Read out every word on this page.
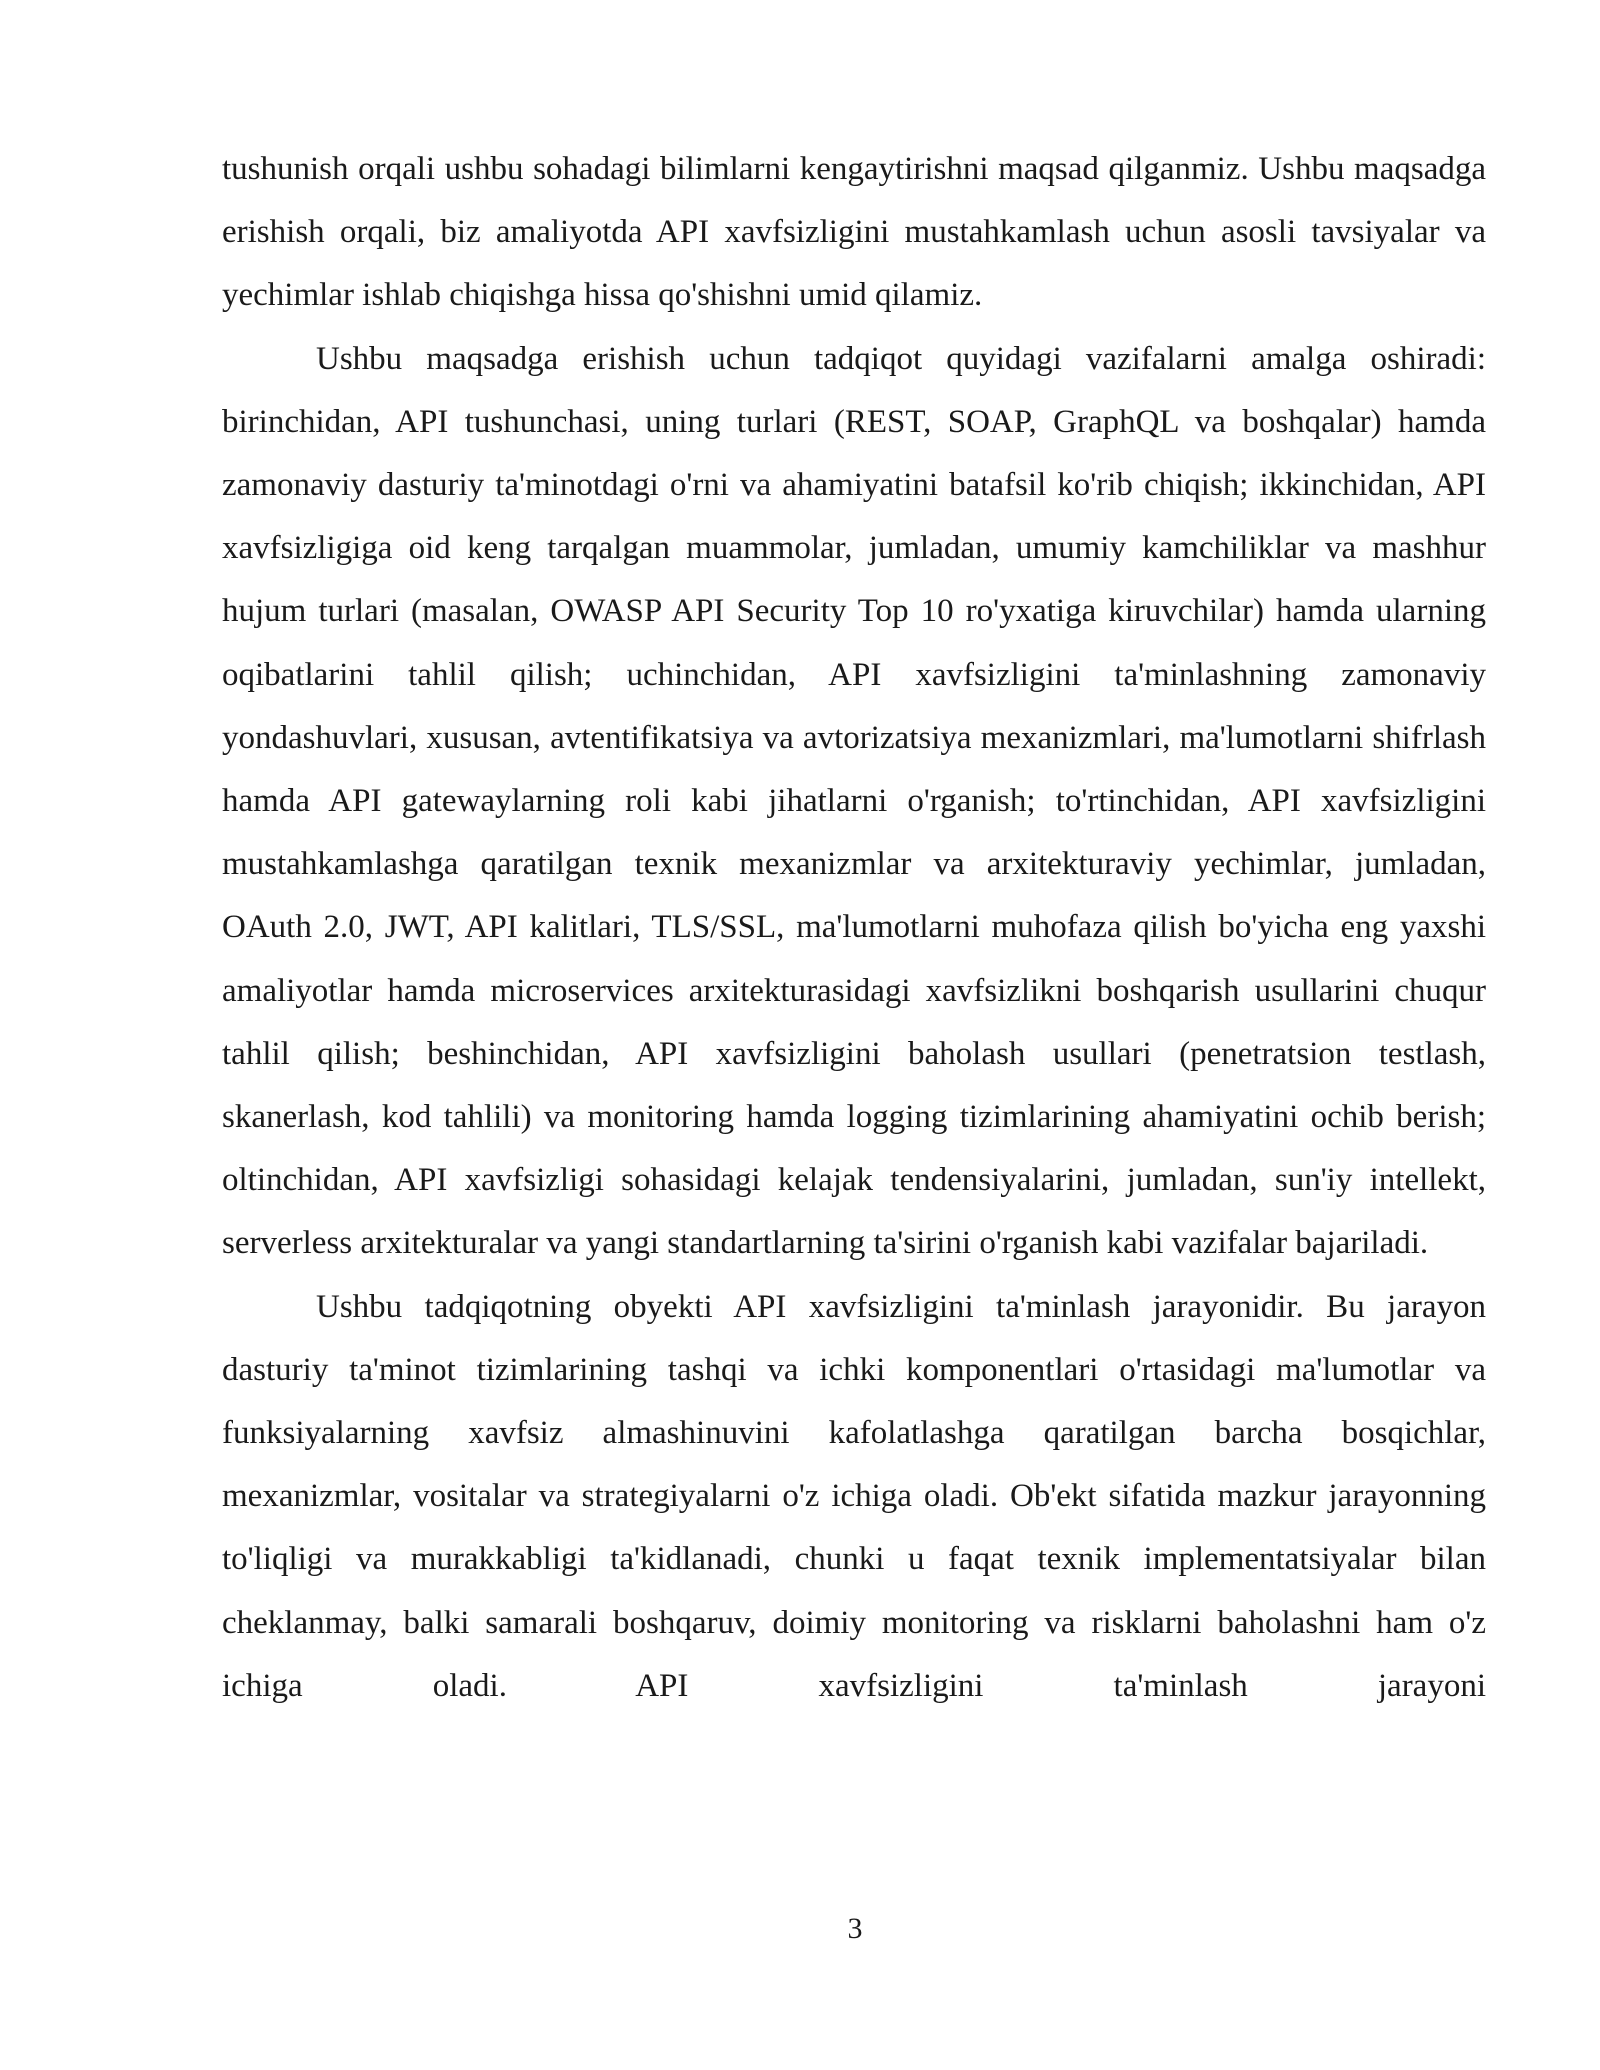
tushunish orqali ushbu sohadagi bilimlarni kengaytirishni maqsad qilganmiz. Ushbu maqsadga erishish orqali, biz amaliyotda API xavfsizligini mustahkamlash uchun asosli tavsiyalar va yechimlar ishlab chiqishga hissa qo'shishni umid qilamiz.

Ushbu maqsadga erishish uchun tadqiqot quyidagi vazifalarni amalga oshiradi: birinchidan, API tushunchasi, uning turlari (REST, SOAP, GraphQL va boshqalar) hamda zamonaviy dasturiy ta'minotdagi o'rni va ahamiyatini batafsil ko'rib chiqish; ikkinchidan, API xavfsizligiga oid keng tarqalgan muammolar, jumladan, umumiy kamchiliklar va mashhur hujum turlari (masalan, OWASP API Security Top 10 ro'yxatiga kiruvchilar) hamda ularning oqibatlarini tahlil qilish; uchinchidan, API xavfsizligini ta'minlashning zamonaviy yondashuvlari, xususan, avtentifikatsiya va avtorizatsiya mexanizmlari, ma'lumotlarni shifrlash hamda API gatewaylarning roli kabi jihatlarni o'rganish; to'rtinchidan, API xavfsizligini mustahkamlashga qaratilgan texnik mexanizmlar va arxitekturaviy yechimlar, jumladan, OAuth 2.0, JWT, API kalitlari, TLS/SSL, ma'lumotlarni muhofaza qilish bo'yicha eng yaxshi amaliyotlar hamda microservices arxitekturasidagi xavfsizlikni boshqarish usullarini chuqur tahlil qilish; beshinchidan, API xavfsizligini baholash usullari (penetratsion testlash, skanerlash, kod tahlili) va monitoring hamda logging tizimlarining ahamiyatini ochib berish; oltinchidan, API xavfsizligi sohasidagi kelajak tendensiyalarini, jumladan, sun'iy intellekt, serverless arxitekturalar va yangi standartlarning ta'sirini o'rganish kabi vazifalar bajariladi.

Ushbu tadqiqotning obyekti API xavfsizligini ta'minlash jarayonidir. Bu jarayon dasturiy ta'minot tizimlarining tashqi va ichki komponentlari o'rtasidagi ma'lumotlar va funksiyalarning xavfsiz almashinuvini kafolatlashga qaratilgan barcha bosqichlar, mexanizmlar, vositalar va strategiyalarni o'z ichiga oladi. Ob'ekt sifatida mazkur jarayonning to'liqligi va murakkabligi ta'kidlanadi, chunki u faqat texnik implementatsiyalar bilan cheklanmay, balki samarali boshqaruv, doimiy monitoring va risklarni baholashni ham o'z ichiga oladi. API xavfsizligini ta'minlash jarayoni

3
